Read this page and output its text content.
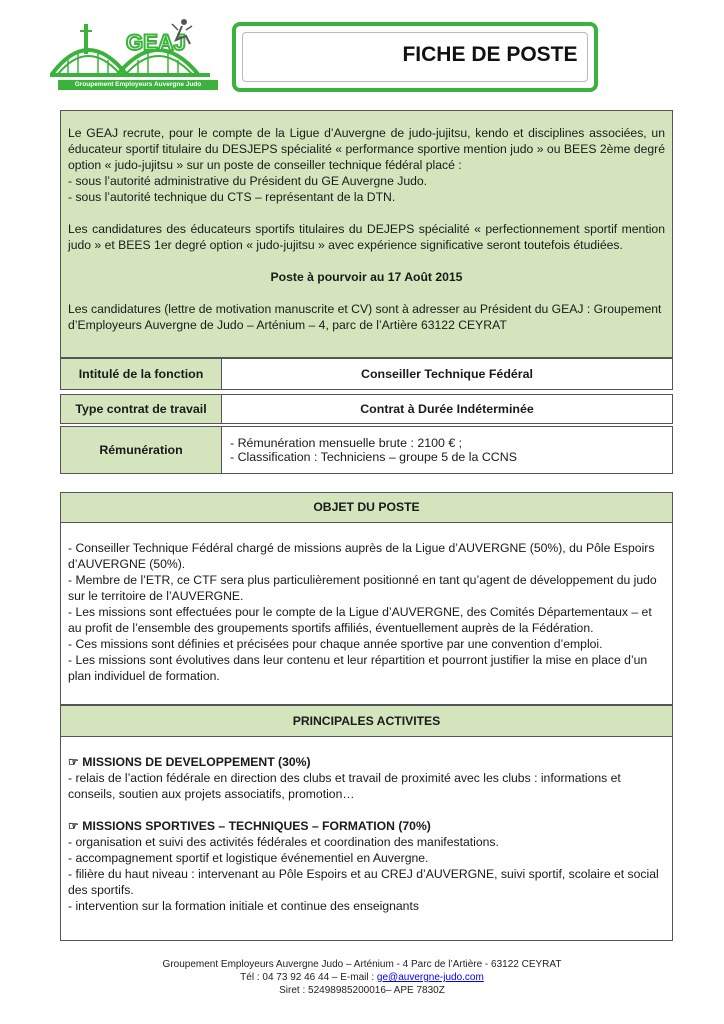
GEAJ
Groupement Employeurs Auvergne Judo
FICHE DE POSTE

Le GEAJ recrute, pour le compte de la Ligue d’Auvergne de judo-jujitsu, kendo et disciplines associées, un éducateur sportif titulaire du DESJEPS spécialité « performance sportive mention judo » ou BEES 2ème degré option « judo-jujitsu » sur un poste de conseiller technique fédéral placé :

- sous l’autorité administrative du Président du GE Auvergne Judo.

- sous l’autorité technique du CTS – représentant de la DTN.

Les candidatures des éducateurs sportifs titulaires du DEJEPS spécialité « perfectionnement sportif mention judo » et BEES 1er degré option « judo-jujitsu » avec expérience significative seront toutefois étudiées.

Poste à pourvoir au 17 Août 2015

Les candidatures (lettre de motivation manuscrite et CV) sont à adresser au Président du GEAJ : Groupement d’Employeurs Auvergne de Judo – Arténium – 4, parc de l’Artière 63122 CEYRAT

Intitulé de la fonction	Conseiller Technique Fédéral
Type contrat de travail	Contrat à Durée Indéterminée
Rémunération	- Rémunération mensuelle brute : 2100 € ;
- Classification : Techniciens – groupe 5 de la CCNS
OBJET DU POSTE

- Conseiller Technique Fédéral chargé de missions auprès de la Ligue d’AUVERGNE (50%), du Pôle Espoirs d’AUVERGNE (50%).

- Membre de l’ETR, ce CTF sera plus particulièrement positionné en tant qu’agent de développement du judo sur le territoire de l’AUVERGNE.

- Les missions sont effectuées pour le compte de la Ligue d’AUVERGNE, des Comités Départementaux – et au profit de l’ensemble des groupements sportifs affiliés, éventuellement auprès de la Fédération.

- Ces missions sont définies et précisées pour chaque année sportive par une convention d’emploi.

- Les missions sont évolutives dans leur contenu et leur répartition et pourront justifier la mise en place d’un plan individuel de formation.

PRINCIPALES ACTIVITES

☞ MISSIONS DE DEVELOPPEMENT (30%)

- relais de l’action fédérale en direction des clubs et travail de proximité avec les clubs : informations et conseils, soutien aux projets associatifs, promotion…

☞ MISSIONS SPORTIVES – TECHNIQUES – FORMATION (70%)

- organisation et suivi des activités fédérales et coordination des manifestations.

- accompagnement sportif et logistique événementiel en Auvergne.

- filière du haut niveau : intervenant au Pôle Espoirs et au CREJ d’AUVERGNE, suivi sportif, scolaire et social des sportifs.

- intervention sur la formation initiale et continue des enseignants

Groupement Employeurs Auvergne Judo – Arténium - 4 Parc de l’Artière - 63122 CEYRAT
Tél : 04 73 92 46 44 – E-mail : ge@auvergne-judo.com
Siret : 52498985200016– APE 7830Z
